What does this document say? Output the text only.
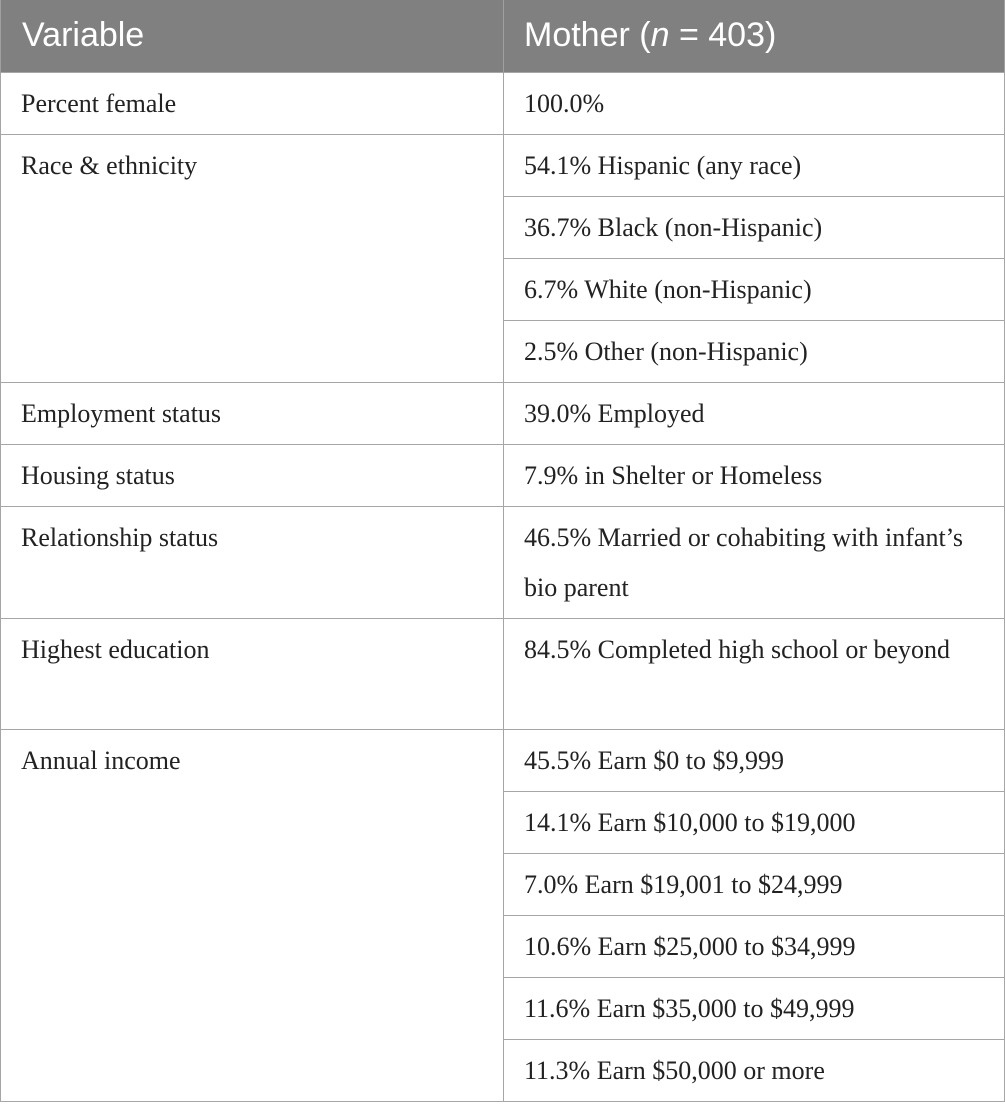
Variable	Mother (n = 403)
Percent female	100.0%
Race & ethnicity	54.1% Hispanic (any race)
	36.7% Black (non-Hispanic)
	6.7% White (non-Hispanic)
	2.5% Other (non-Hispanic)
Employment status	39.0% Employed
Housing status	7.9% in Shelter or Homeless
Relationship status	46.5% Married or cohabiting with infant’s bio parent
Highest education	84.5% Completed high school or beyond
Annual income	45.5% Earn $0 to $9,999
	14.1% Earn $10,000 to $19,000
	7.0% Earn $19,001 to $24,999
	10.6% Earn $25,000 to $34,999
	11.6% Earn $35,000 to $49,999
	11.3% Earn $50,000 or more
